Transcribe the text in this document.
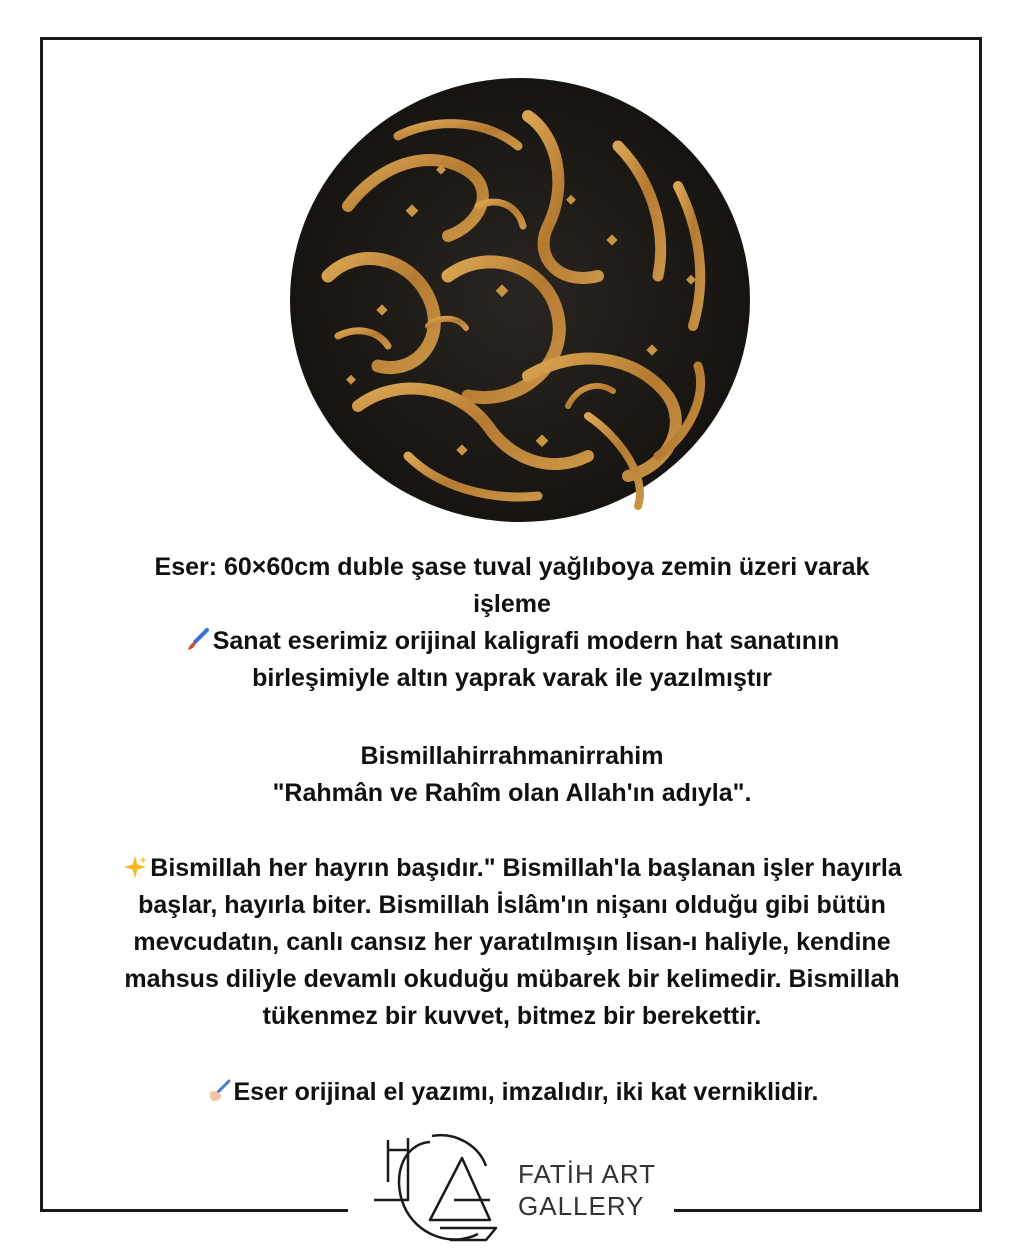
Eser: 60×60cm duble şase tuval yağlıboya zemin üzeri varak
işleme
Sanat eserimiz orijinal kaligrafi modern hat sanatının
birleşimiyle altın yaprak varak ile yazılmıştır
Bismillahirrahmanirrahim
"Rahmân ve Rahîm olan Allah'ın adıyla".
Bismillah her hayrın başıdır." Bismillah'la başlanan işler hayırla
başlar, hayırla biter. Bismillah İslâm'ın nişanı olduğu gibi bütün
mevcudatın, canlı cansız her yaratılmışın lisan-ı haliyle, kendine
mahsus diliyle devamlı okuduğu mübarek bir kelimedir. Bismillah
tükenmez bir kuvvet, bitmez bir berekettir.
Eser orijinal el yazımı, imzalıdır, iki kat verniklidir.
FATİH ART
GALLERY
